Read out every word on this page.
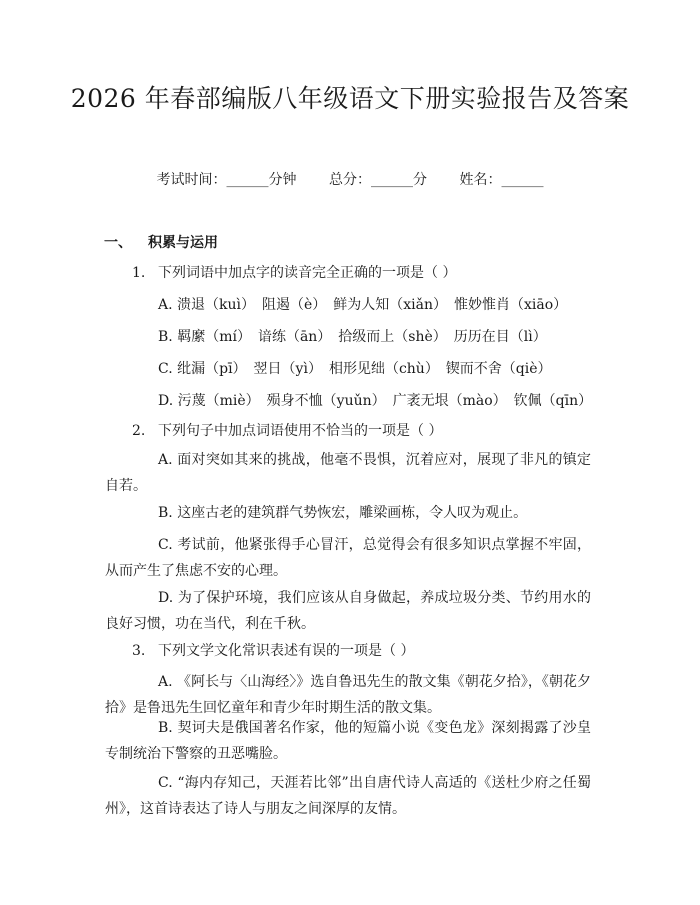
2026 年春部编版八年级语文下册实验报告及答案
考试时间：______分钟 总分：______分 姓名：______
一、 积累与运用
1. 下列词语中加点字的读音完全正确的一项是（ ）
A. 溃退（kuì）　阻遏（è）　鲜为人知（xiǎn）　惟妙惟肖（xiāo）
B. 羁縻（mí）　谙练（ān）　拾级而上（shè）　历历在目（lì）
C. 纰漏（pī）　翌日（yì）　相形见绌（chù）　锲而不舍（qiè）
D. 污蔑（miè）　殒身不恤（yuǔn）　广袤无垠（mào）　钦佩（qīn）
2. 下列句子中加点词语使用不恰当的一项是（ ）
A. 面对突如其来的挑战，他毫不畏惧，沉着应对，展现了非凡的镇定自若。
B. 这座古老的建筑群气势恢宏，雕梁画栋，令人叹为观止。
C. 考试前，他紧张得手心冒汗，总觉得会有很多知识点掌握不牢固，从而产生了焦虑不安的心理。
D. 为了保护环境，我们应该从自身做起，养成垃圾分类、节约用水的良好习惯，功在当代，利在千秋。
3. 下列文学文化常识表述有误的一项是（ ）
A. 《阿长与〈山海经〉》选自鲁迅先生的散文集《朝花夕拾》，《朝花夕拾》是鲁迅先生回忆童年和青少年时期生活的散文集。
B. 契诃夫是俄国著名作家，他的短篇小说《变色龙》深刻揭露了沙皇专制统治下警察的丑恶嘴脸。
C. “海内存知己，天涯若比邻”出自唐代诗人高适的《送杜少府之任蜀州》，这首诗表达了诗人与朋友之间深厚的友情。
